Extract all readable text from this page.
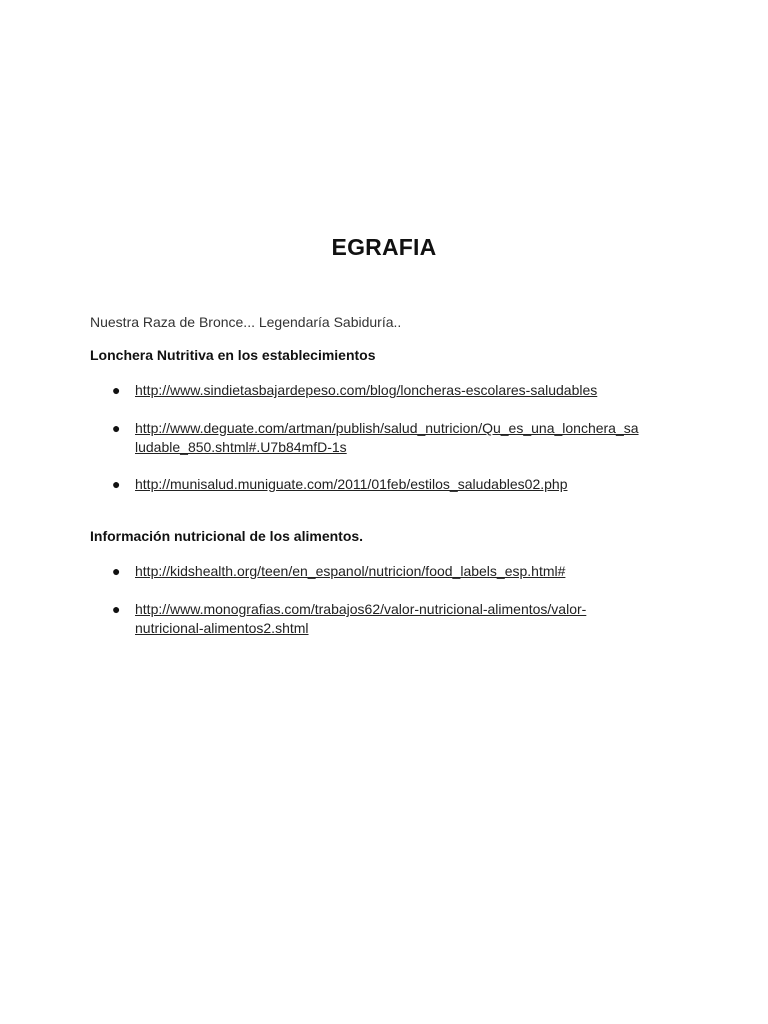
EGRAFIA
Nuestra Raza de Bronce... Legendaría Sabiduría..
Lonchera Nutritiva en los establecimientos
● http://www.sindietasbajardepeso.com/blog/loncheras-escolares-saludables
● http://www.deguate.com/artman/publish/salud_nutricion/Qu_es_una_lonchera_sa
ludable_850.shtml#.U7b84mfD-1s
● http://munisalud.muniguate.com/2011/01feb/estilos_saludables02.php
Información nutricional de los alimentos.
● http://kidshealth.org/teen/en_espanol/nutricion/food_labels_esp.html#
● http://www.monografias.com/trabajos62/valor-nutricional-alimentos/valor-
nutricional-alimentos2.shtml
